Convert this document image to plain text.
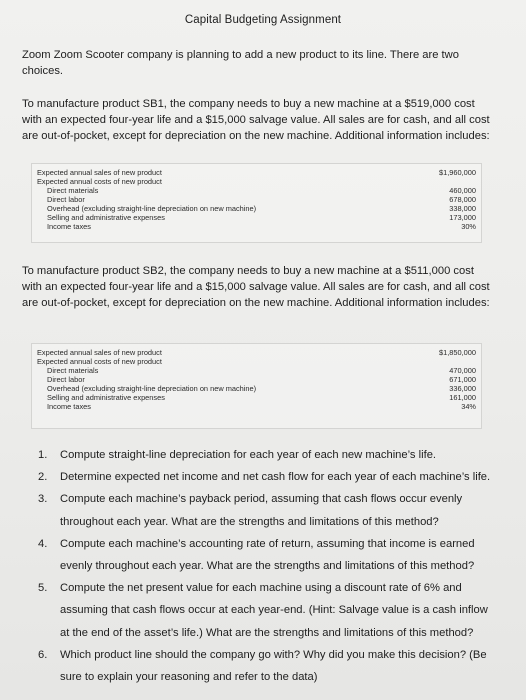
Capital Budgeting Assignment
Zoom Zoom Scooter company is planning to add a new product to its line. There are two choices.
To manufacture product SB1, the company needs to buy a new machine at a $519,000 cost with an expected four-year life and a $15,000 salvage value. All sales are for cash, and all cost are out-of-pocket, except for depreciation on the new machine. Additional information includes:
Expected annual sales of new product	$1,960,000
Expected annual costs of new product
Direct materials	460,000
Direct labor	678,000
Overhead (excluding straight-line depreciation on new machine)	338,000
Selling and administrative expenses	173,000
Income taxes	30%
To manufacture product SB2, the company needs to buy a new machine at a $511,000 cost with an expected four-year life and a $15,000 salvage value. All sales are for cash, and all cost are out-of-pocket, except for depreciation on the new machine. Additional information includes:
Expected annual sales of new product	$1,850,000
Expected annual costs of new product
Direct materials	470,000
Direct labor	671,000
Overhead (excluding straight-line depreciation on new machine)	336,000
Selling and administrative expenses	161,000
Income taxes	34%
1. Compute straight-line depreciation for each year of each new machine’s life.
2. Determine expected net income and net cash flow for each year of each machine’s life.
3. Compute each machine’s payback period, assuming that cash flows occur evenly throughout each year. What are the strengths and limitations of this method?
4. Compute each machine’s accounting rate of return, assuming that income is earned evenly throughout each year. What are the strengths and limitations of this method?
5. Compute the net present value for each machine using a discount rate of 6% and assuming that cash flows occur at each year-end. (Hint: Salvage value is a cash inflow at the end of the asset’s life.) What are the strengths and limitations of this method?
6. Which product line should the company go with? Why did you make this decision? (Be sure to explain your reasoning and refer to the data)
